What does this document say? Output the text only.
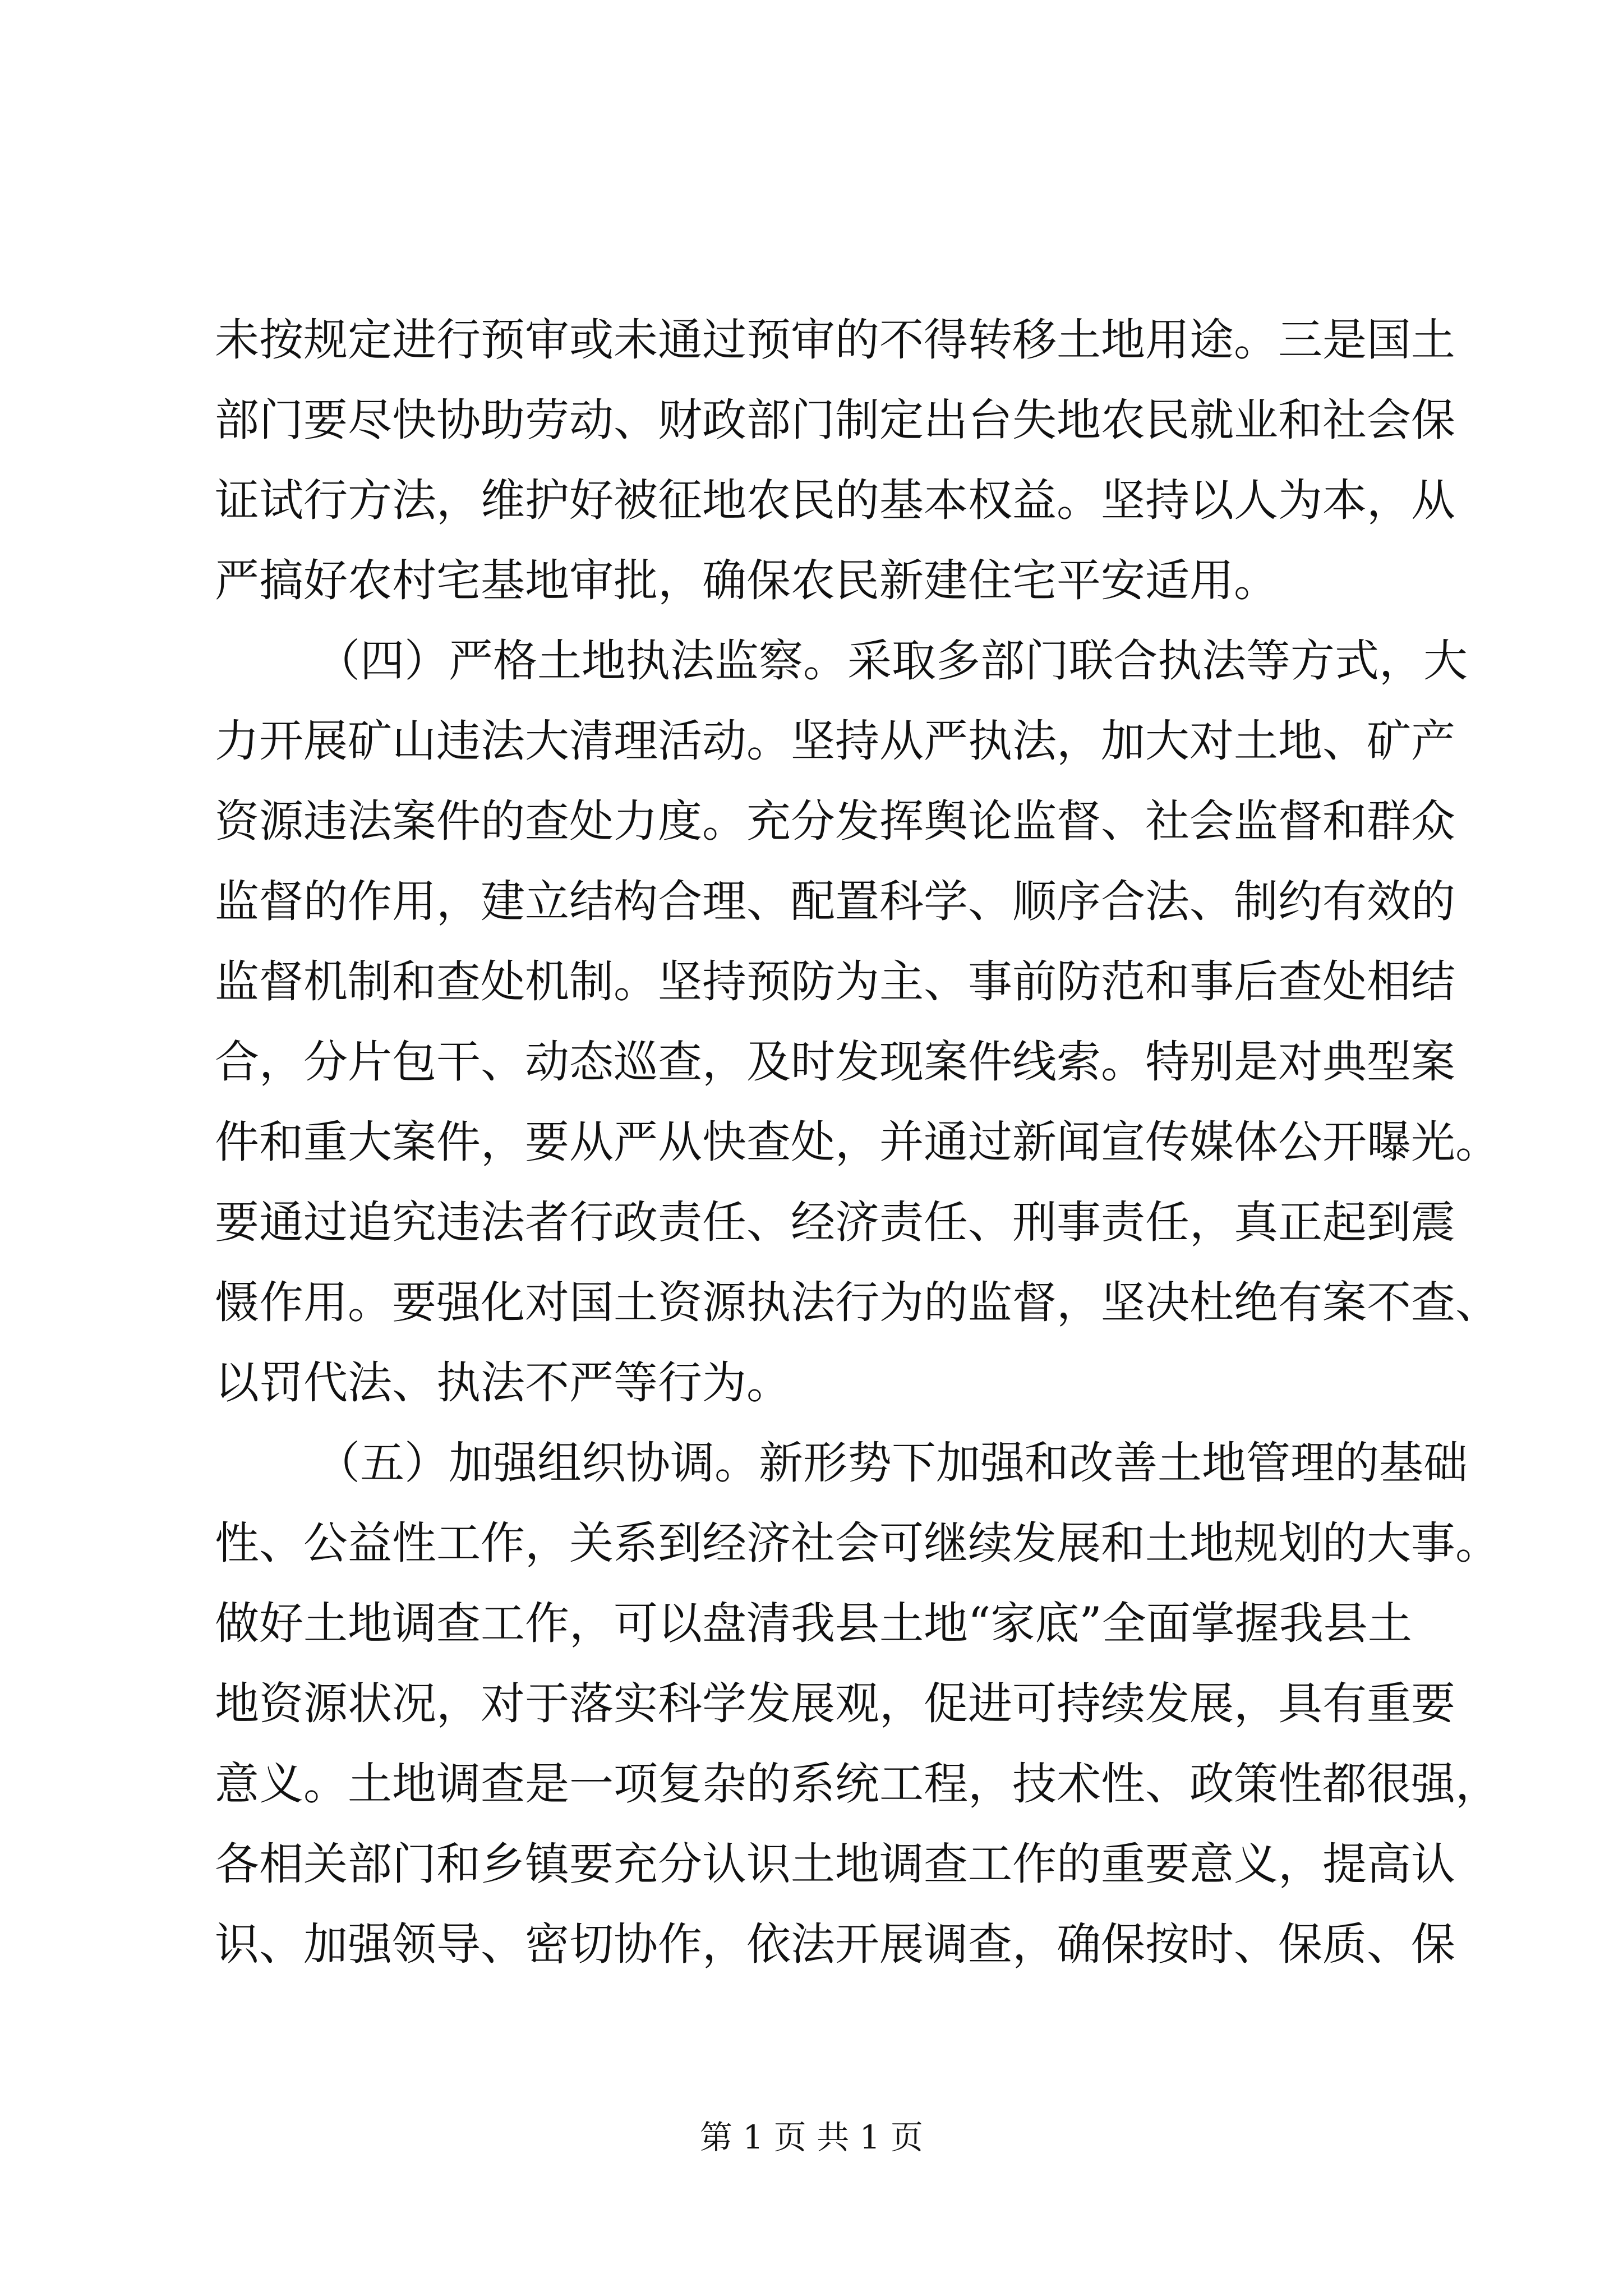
未按规定进行预审或未通过预审的不得转移土地用途。三是国土
部门要尽快协助劳动、财政部门制定出台失地农民就业和社会保
证试行方法，维护好被征地农民的基本权益。坚持以人为本，从
严搞好农村宅基地审批，确保农民新建住宅平安适用。
（四）严格土地执法监察。采取多部门联合执法等方式，大
力开展矿山违法大清理活动。坚持从严执法，加大对土地、矿产
资源违法案件的查处力度。充分发挥舆论监督、社会监督和群众
监督的作用，建立结构合理、配置科学、顺序合法、制约有效的
监督机制和查处机制。坚持预防为主、事前防范和事后查处相结
合，分片包干、动态巡查，及时发现案件线索。特别是对典型案
件和重大案件，要从严从快查处，并通过新闻宣传媒体公开曝光。
要通过追究违法者行政责任、经济责任、刑事责任，真正起到震
慑作用。要强化对国土资源执法行为的监督，坚决杜绝有案不查、
以罚代法、执法不严等行为。
（五）加强组织协调。新形势下加强和改善土地管理的基础
性、公益性工作，关系到经济社会可继续发展和土地规划的大事。
做好土地调查工作，可以盘清我县土地“家底”全面掌握我县土
地资源状况，对于落实科学发展观，促进可持续发展，具有重要
意义。土地调查是一项复杂的系统工程，技术性、政策性都很强，
各相关部门和乡镇要充分认识土地调查工作的重要意义，提高认
识、加强领导、密切协作，依法开展调查，确保按时、保质、保
第 1 页 共 1 页
